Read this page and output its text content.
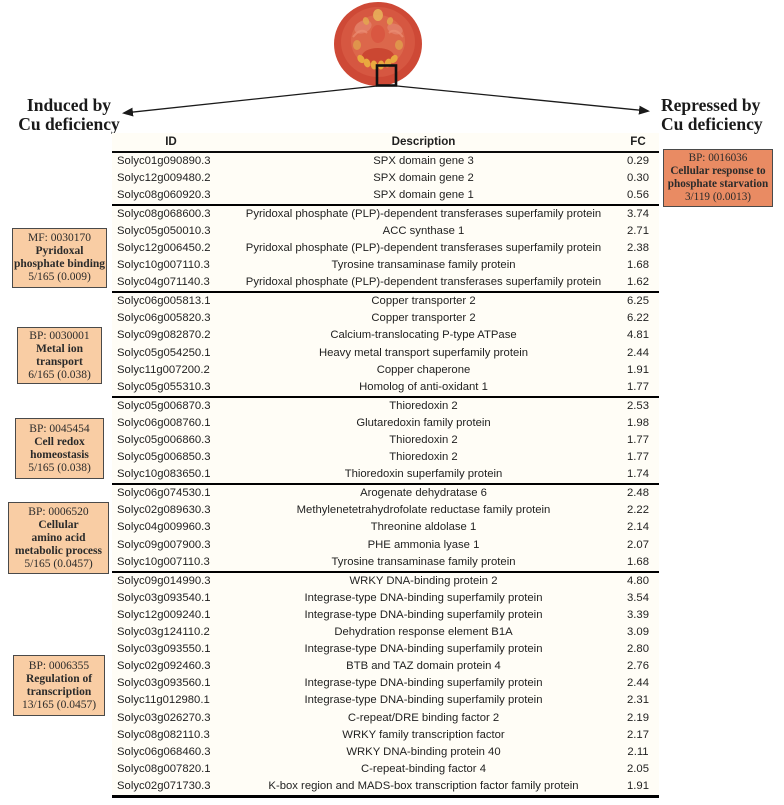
Induced by
Cu deficiency
Repressed by
Cu deficiency
ID	Description	FC
Solyc01g090890.3	SPX domain gene 3	0.29
Solyc12g009480.2	SPX domain gene 2	0.30
Solyc08g060920.3	SPX domain gene 1	0.56
Solyc08g068600.3	Pyridoxal phosphate (PLP)-dependent transferases superfamily protein	3.74
Solyc05g050010.3	ACC synthase 1	2.71
Solyc12g006450.2	Pyridoxal phosphate (PLP)-dependent transferases superfamily protein	2.38
Solyc10g007110.3	Tyrosine transaminase family protein	1.68
Solyc04g071140.3	Pyridoxal phosphate (PLP)-dependent transferases superfamily protein	1.62
Solyc06g005813.1	Copper transporter 2	6.25
Solyc06g005820.3	Copper transporter 2	6.22
Solyc09g082870.2	Calcium-translocating P-type ATPase	4.81
Solyc05g054250.1	Heavy metal transport superfamily protein	2.44
Solyc11g007200.2	Copper chaperone	1.91
Solyc05g055310.3	Homolog of anti-oxidant 1	1.77
Solyc05g006870.3	Thioredoxin 2	2.53
Solyc06g008760.1	Glutaredoxin family protein	1.98
Solyc05g006860.3	Thioredoxin 2	1.77
Solyc05g006850.3	Thioredoxin 2	1.77
Solyc10g083650.1	Thioredoxin superfamily protein	1.74
Solyc06g074530.1	Arogenate dehydratase 6	2.48
Solyc02g089630.3	Methylenetetrahydrofolate reductase family protein	2.22
Solyc04g009960.3	Threonine aldolase 1	2.14
Solyc09g007900.3	PHE ammonia lyase 1	2.07
Solyc10g007110.3	Tyrosine transaminase family protein	1.68
Solyc09g014990.3	WRKY DNA-binding protein 2	4.80
Solyc03g093540.1	Integrase-type DNA-binding superfamily protein	3.54
Solyc12g009240.1	Integrase-type DNA-binding superfamily protein	3.39
Solyc03g124110.2	Dehydration response element B1A	3.09
Solyc03g093550.1	Integrase-type DNA-binding superfamily protein	2.80
Solyc02g092460.3	BTB and TAZ domain protein 4	2.76
Solyc03g093560.1	Integrase-type DNA-binding superfamily protein	2.44
Solyc11g012980.1	Integrase-type DNA-binding superfamily protein	2.31
Solyc03g026270.3	C-repeat/DRE binding factor 2	2.19
Solyc08g082110.3	WRKY family transcription factor	2.17
Solyc06g068460.3	WRKY DNA-binding protein 40	2.11
Solyc08g007820.1	C-repeat-binding factor 4	2.05
Solyc02g071730.3	K-box region and MADS-box transcription factor family protein	1.91
MF: 0030170
Pyridoxal
phosphate binding
5/165 (0.009)
BP: 0030001
Metal ion
transport
6/165 (0.038)
BP: 0045454
Cell redox
homeostasis
5/165 (0.038)
BP: 0006520
Cellular
amino acid
metabolic process
5/165 (0.0457)
BP: 0006355
Regulation of
transcription
13/165 (0.0457)
BP: 0016036
Cellular response to
phosphate starvation
3/119 (0.0013)
